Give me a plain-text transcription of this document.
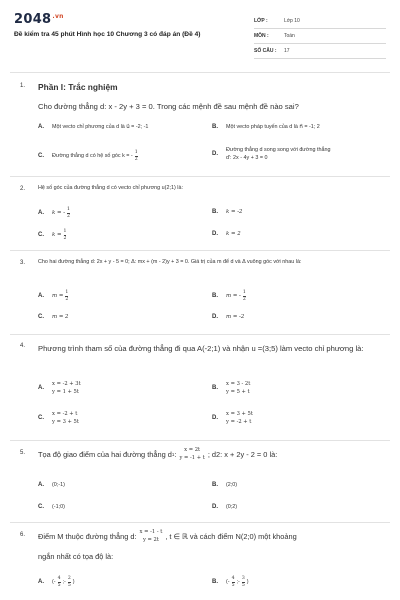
$2048^{.vn}$
Đề kiểm tra 45 phút Hình học 10 Chương 3 có đáp án (Đề 4)
LỚP :	Lớp 10
MÔN :	Toán
SỐ CÂU :	17
1. Phần I: Trắc nghiệm
Cho đường thẳng d: x - 2y + 3 = 0. Trong các mệnh đề sau mệnh đề nào sai?
A.	Một vecto chỉ phương của d là u⃗ = -2; -1	B.	Một vecto pháp tuyến của d là n⃗ = -1; 2
C.	Đường thẳng d có hệ số góc k = - $\frac{1}{2}$	D.
Đường thẳng d song song với đường thẳng
d': 2x - 4y + 3 = 0
2. Hệ số góc của đường thẳng d có vecto chỉ phương u(2;1) là:
A.	k = - $\frac{1}{2}$	B.	k = -2
C.	$k = \frac{1}{2}$	D.	k = 2
3. Cho hai đường thẳng d: 2x + y - 5 = 0; Δ: mx + (m - 2)y + 3 = 0. Giá trị của m để d và Δ vuông góc với nhau là:
A.	$m = \frac{1}{2}$	B.	m = - $\frac{1}{2}$
C.	m = 2	D.	m = -2
4. Phương trình tham số của đường thẳng đi qua A(-2;1) và nhận u =(3;5) làm vecto chỉ phương là:
A.
x = -2 + 3t
y = 1 + 5t
B.
x = 3 - 2t
y = 5 + t
C.
x = -2 + t
y = 3 + 5t
D.
x = 3 + 5t
y = -2 + t
5. Tọa độ giao điểm của hai đường thẳng d 1 : x = 2t
y = -1 + t ; d2: x + 2y - 2 = 0 là:
A.	(0;-1)	B.	(2;0)
C.	(-1;0)	D.	(0;2)
6. Điểm M thuộc đường thẳng d: x = -1 - t
y = 2t , t ∈ ℝ và cách điểm N(2;0) một khoảng
ngắn nhất có tọa độ là:
A.	(- $\frac{4}{5}$ ; - $\frac{2}{5}$ )	B.	(- $\frac{4}{5}$ ; - $\frac{3}{5}$ )
